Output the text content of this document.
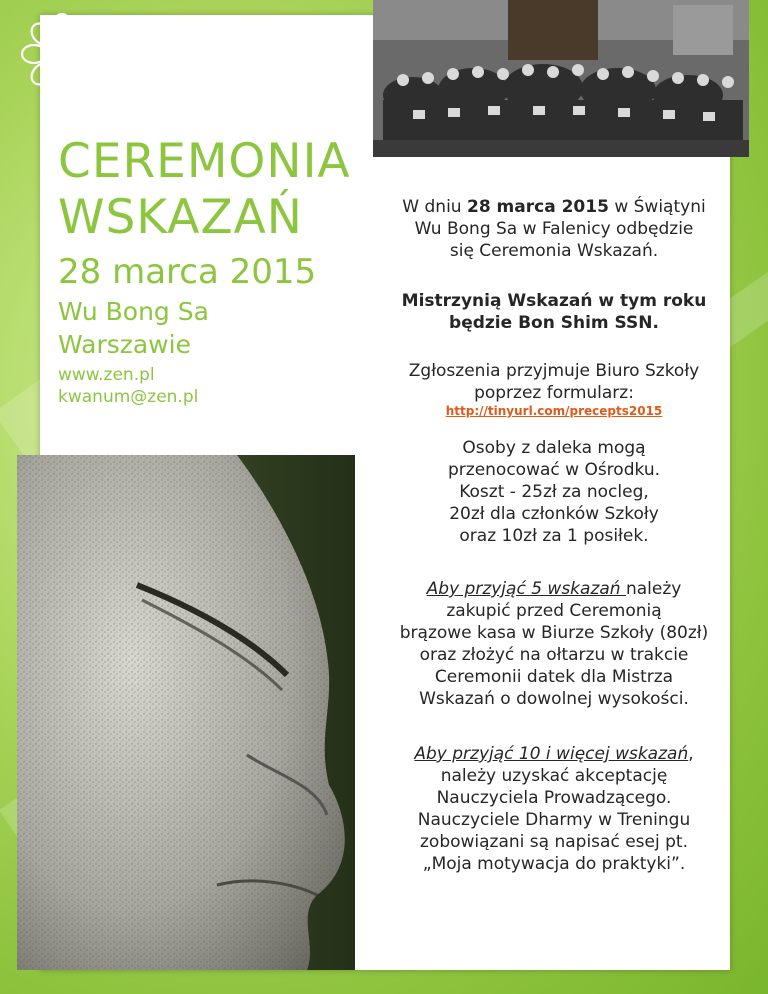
CEREMONIA
WSKAZAŃ
28 marca 2015
Wu Bong Sa
Warszawie
www.zen.pl
kwanum@zen.pl
W dniu 28 marca 2015 w Świątyni
Wu Bong Sa w Falenicy odbędzie
się Ceremonia Wskazań.
Mistrzynią Wskazań w tym roku
będzie Bon Shim SSN.
Zgłoszenia przyjmuje Biuro Szkoły
poprzez formularz:
http://tinyurl.com/precepts2015
Osoby z daleka mogą
przenocować w Ośrodku.
Koszt - 25zł za nocleg,
20zł dla członków Szkoły
oraz 10zł za 1 posiłek.
Aby przyjąć 5 wskazań należy
zakupić przed Ceremonią
brązowe kasa w Biurze Szkoły (80zł)
oraz złożyć na ołtarzu w trakcie
Ceremonii datek dla Mistrza
Wskazań o dowolnej wysokości.
Aby przyjąć 10 i więcej wskazań,
należy uzyskać akceptację
Nauczyciela Prowadzącego.
Nauczyciele Dharmy w Treningu
zobowiązani są napisać esej pt.
„Moja motywacja do praktyki”.
